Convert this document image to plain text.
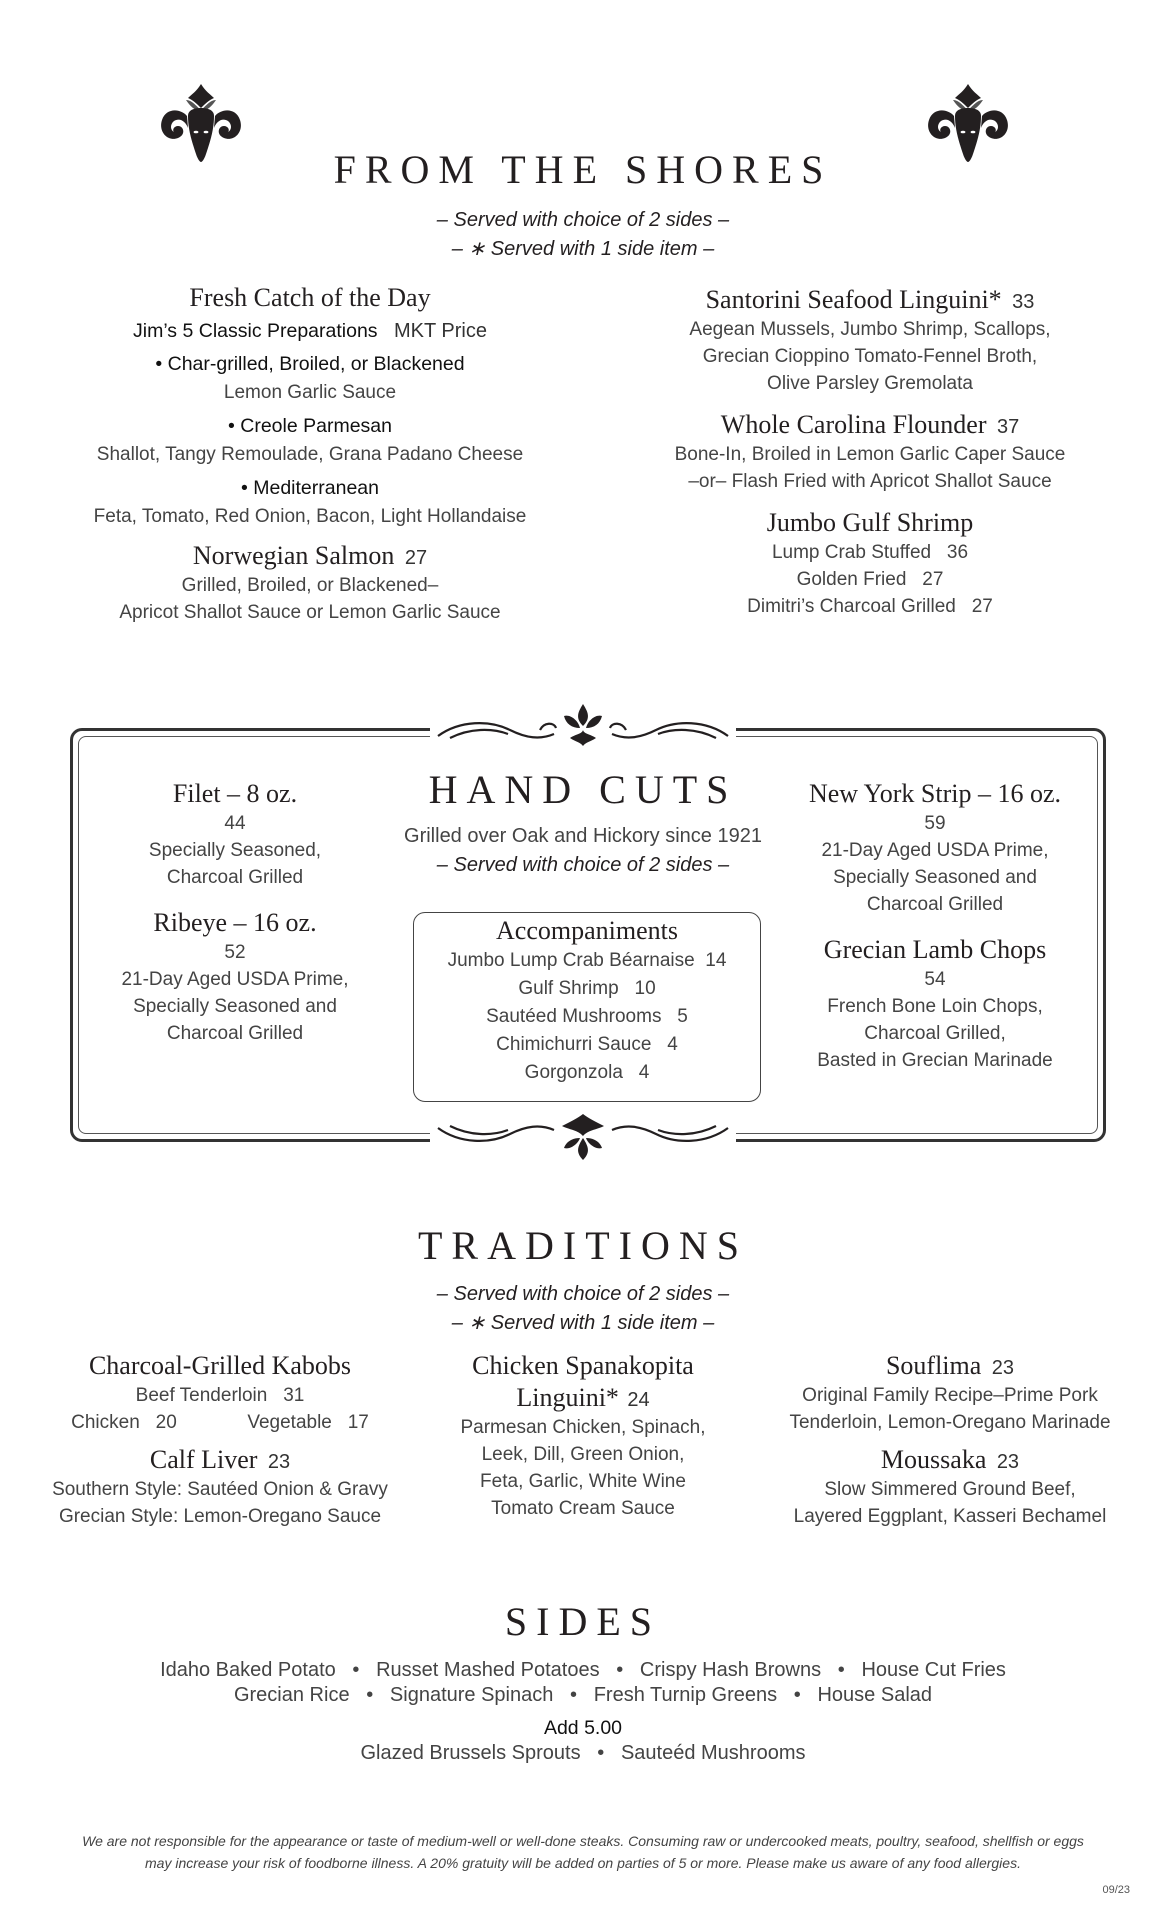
FROM THE SHORES
– Served with choice of 2 sides –
– ∗ Served with 1 side item –
Fresh Catch of the Day
Jim’s 5 Classic Preparations MKT Price
• Char-grilled, Broiled, or Blackened
Lemon Garlic Sauce
• Creole Parmesan
Shallot, Tangy Remoulade, Grana Padano Cheese
• Mediterranean
Feta, Tomato, Red Onion, Bacon, Light Hollandaise
Norwegian Salmon 27
Grilled, Broiled, or Blackened–
Apricot Shallot Sauce or Lemon Garlic Sauce
Santorini Seafood Linguini* 33
Aegean Mussels, Jumbo Shrimp, Scallops,
Grecian Cioppino Tomato-Fennel Broth,
Olive Parsley Gremolata
Whole Carolina Flounder 37
Bone-In, Broiled in Lemon Garlic Caper Sauce
–or– Flash Fried with Apricot Shallot Sauce
Jumbo Gulf Shrimp
Lump Crab Stuffed 36
Golden Fried 27
Dimitri’s Charcoal Grilled 27
HAND CUTS
Grilled over Oak and Hickory since 1921
– Served with choice of 2 sides –
Filet – 8 oz.
44
Specially Seasoned,
Charcoal Grilled
Ribeye – 16 oz.
52
21-Day Aged USDA Prime,
Specially Seasoned and
Charcoal Grilled
New York Strip – 16 oz.
59
21-Day Aged USDA Prime,
Specially Seasoned and
Charcoal Grilled
Grecian Lamb Chops
54
French Bone Loin Chops,
Charcoal Grilled,
Basted in Grecian Marinade
Accompaniments
Jumbo Lump Crab Béarnaise 14
Gulf Shrimp 10
Sautéed Mushrooms 5
Chimichurri Sauce 4
Gorgonzola 4
TRADITIONS
– Served with choice of 2 sides –
– ∗ Served with 1 side item –
Charcoal-Grilled Kabobs
Beef Tenderloin 31
Chicken 20	Vegetable 17
Calf Liver 23
Southern Style: Sautéed Onion & Gravy
Grecian Style: Lemon-Oregano Sauce
Chicken Spanakopita
Linguini* 24
Parmesan Chicken, Spinach,
Leek, Dill, Green Onion,
Feta, Garlic, White Wine
Tomato Cream Sauce
Souflima 23
Original Family Recipe–Prime Pork
Tenderloin, Lemon-Oregano Marinade
Moussaka 23
Slow Simmered Ground Beef,
Layered Eggplant, Kasseri Bechamel
SIDES
Idaho Baked Potato   •   Russet Mashed Potatoes   •   Crispy Hash Browns   •   House Cut Fries
Grecian Rice   •   Signature Spinach   •   Fresh Turnip Greens   •   House Salad
Add 5.00
Glazed Brussels Sprouts   •   Sauteéd Mushrooms
We are not responsible for the appearance or taste of medium-well or well-done steaks. Consuming raw or undercooked meats, poultry, seafood, shellfish or eggs
may increase your risk of foodborne illness. A 20% gratuity will be added on parties of 5 or more. Please make us aware of any food allergies.
09/23
